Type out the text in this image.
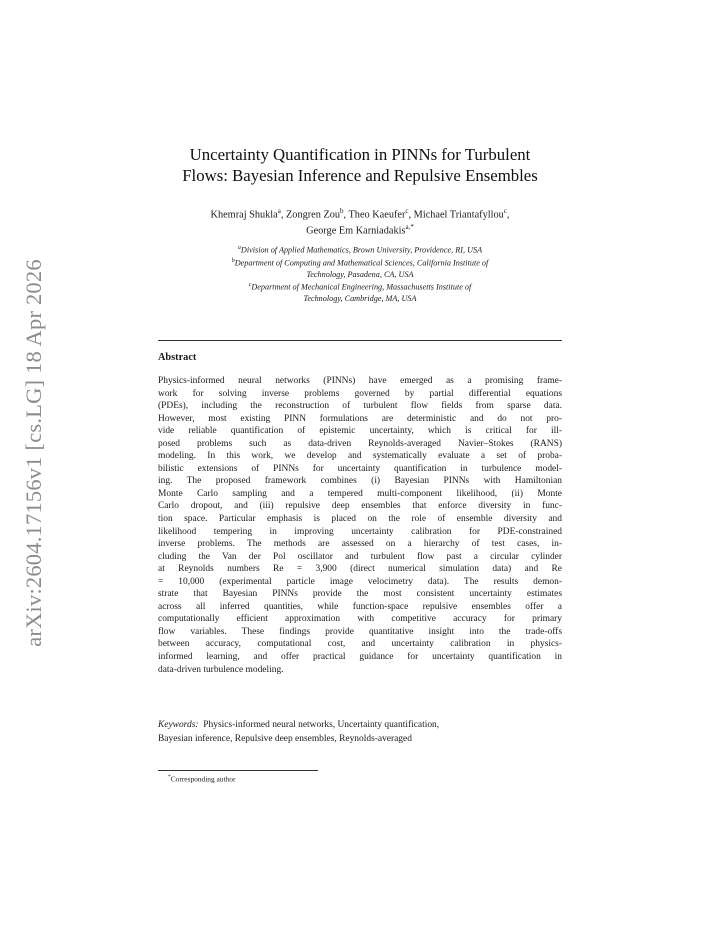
arXiv:2604.17156v1 [cs.LG] 18 Apr 2026
Uncertainty Quantification in PINNs for Turbulent
Flows: Bayesian Inference and Repulsive Ensembles
Khemraj Shukla$^a$, Zongren Zou$^b$, Theo Kaeufer$^c$, Michael Triantafyllou$^c$,
George Em Karniadakis$^{a,*}$
$^a$Division of Applied Mathematics, Brown University, Providence, RI, USA
$^b$Department of Computing and Mathematical Sciences, California Institute of
Technology, Pasadena, CA, USA
$^c$Department of Mechanical Engineering, Massachusetts Institute of
Technology, Cambridge, MA, USA
Abstract
Physics-informed neural networks (PINNs) have emerged as a promising frame-
work for solving inverse problems governed by partial differential equations
(PDEs), including the reconstruction of turbulent flow fields from sparse data.
However, most existing PINN formulations are deterministic and do not pro-
vide reliable quantification of epistemic uncertainty, which is critical for ill-
posed problems such as data-driven Reynolds-averaged Navier–Stokes (RANS)
modeling. In this work, we develop and systematically evaluate a set of proba-
bilistic extensions of PINNs for uncertainty quantification in turbulence model-
ing. The proposed framework combines (i) Bayesian PINNs with Hamiltonian
Monte Carlo sampling and a tempered multi-component likelihood, (ii) Monte
Carlo dropout, and (iii) repulsive deep ensembles that enforce diversity in func-
tion space. Particular emphasis is placed on the role of ensemble diversity and
likelihood tempering in improving uncertainty calibration for PDE-constrained
inverse problems. The methods are assessed on a hierarchy of test cases, in-
cluding the Van der Pol oscillator and turbulent flow past a circular cylinder
at Reynolds numbers Re = 3,900 (direct numerical simulation data) and Re
= 10,000 (experimental particle image velocimetry data). The results demon-
strate that Bayesian PINNs provide the most consistent uncertainty estimates
across all inferred quantities, while function-space repulsive ensembles offer a
computationally efficient approximation with competitive accuracy for primary
flow variables. These findings provide quantitative insight into the trade-offs
between accuracy, computational cost, and uncertainty calibration in physics-
informed learning, and offer practical guidance for uncertainty quantification in
data-driven turbulence modeling.
Keywords: Physics-informed neural networks, Uncertainty quantification,
Bayesian inference, Repulsive deep ensembles, Reynolds-averaged
*Corresponding author
